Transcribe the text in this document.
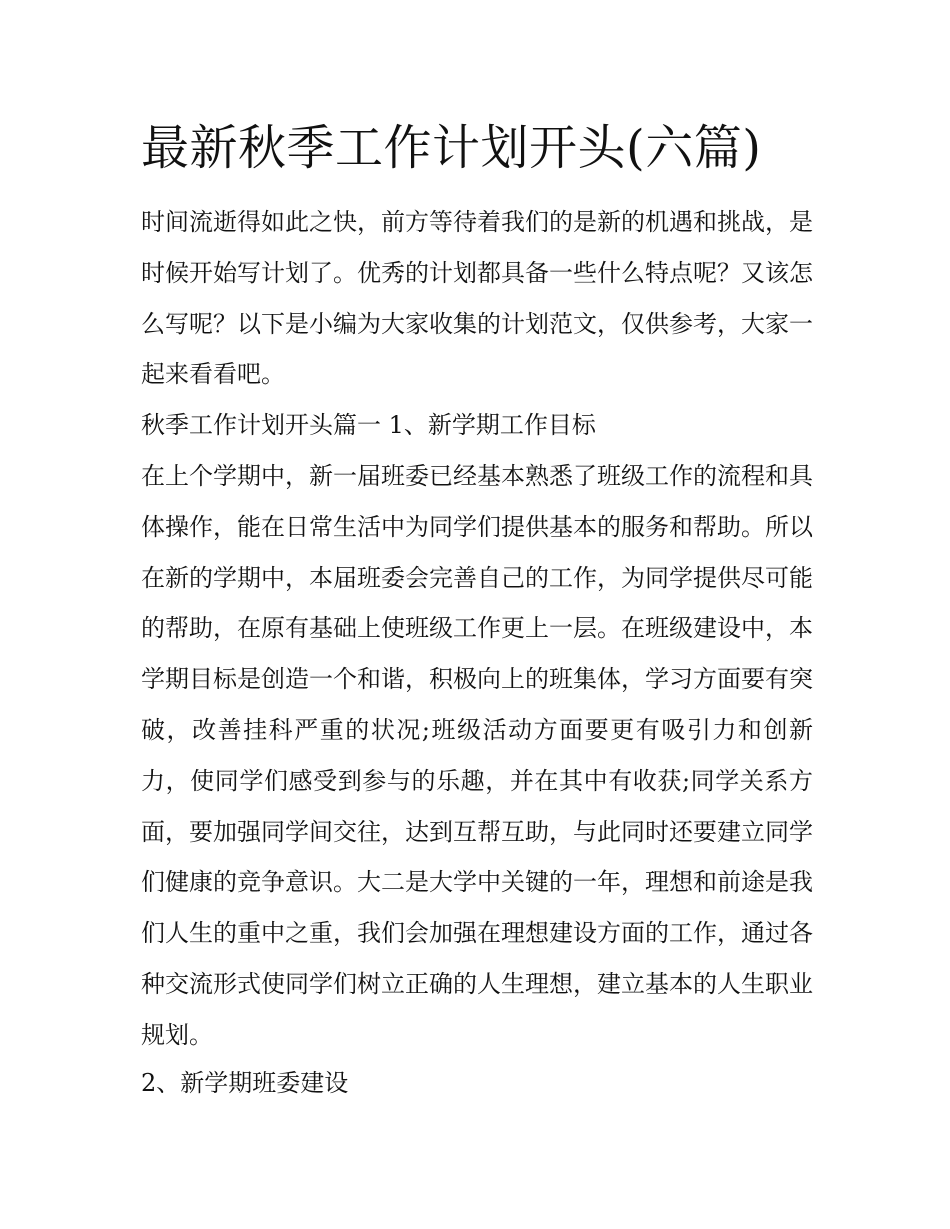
最新秋季工作计划开头(六篇)

时间流逝得如此之快，前方等待着我们的是新的机遇和挑战，是时候开始写计划了。优秀的计划都具备一些什么特点呢？又该怎么写呢？以下是小编为大家收集的计划范文，仅供参考，大家一起来看看吧。

秋季工作计划开头篇一 1、新学期工作目标

在上个学期中，新一届班委已经基本熟悉了班级工作的流程和具体操作，能在日常生活中为同学们提供基本的服务和帮助。所以在新的学期中，本届班委会完善自己的工作，为同学提供尽可能的帮助，在原有基础上使班级工作更上一层。在班级建设中，本学期目标是创造一个和谐，积极向上的班集体，学习方面要有突破，改善挂科严重的状况;班级活动方面要更有吸引力和创新力，使同学们感受到参与的乐趣，并在其中有收获;同学关系方面，要加强同学间交往，达到互帮互助，与此同时还要建立同学们健康的竞争意识。大二是大学中关键的一年，理想和前途是我们人生的重中之重，我们会加强在理想建设方面的工作，通过各种交流形式使同学们树立正确的人生理想，建立基本的人生职业规划。

2、新学期班委建设
